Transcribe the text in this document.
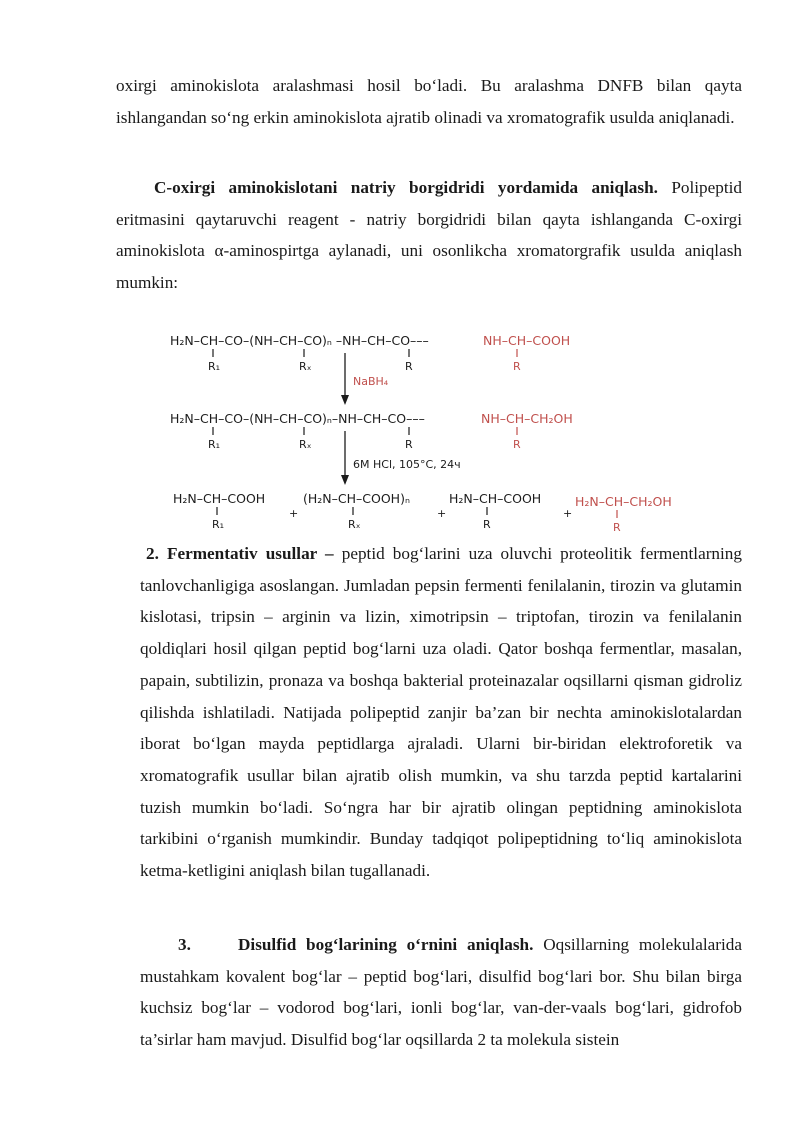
oxirgi aminokislota aralashmasi hosil bo‘ladi. Bu aralashma DNFB bilan qayta ishlangandan so‘ng erkin aminokislota ajratib olinadi va xromatografik usulda aniqlanadi.

C-oxirgi aminokislotani natriy borgidridi yordamida aniqlash. Polipeptid eritmasini qaytaruvchi reagent - natriy borgidridi bilan qayta ishlanganda C-oxirgi aminokislota α-aminospirtga aylanadi, uni osonlikcha xromatorgrafik usulda aniqlash mumkin:

H₂N–CH–CO–(NH–CH–CO)ₙ –NH–CH–CO–––	NH–CH–COOH
R₁	Rₓ	R	R
NaBH₄
H₂N–CH–CO–(NH–CH–CO)ₙ–NH–CH–CO–––	NH–CH–CH₂OH
R₁	Rₓ	R	R
6M HCl, 105°C, 24ч
H₂N–CH–COOH
+
(H₂N–CH–COOH)ₙ
+
H₂N–CH–COOH
+
H₂N–CH–CH₂OH
R₁	Rₓ	R	R

2. Fermentativ usullar – peptid bog‘larini uza oluvchi proteolitik fermentlarning tanlovchanligiga asoslangan. Jumladan pepsin fermenti fenilalanin, tirozin va glutamin kislotasi, tripsin – arginin va lizin, ximotripsin – triptofan, tirozin va fenilalanin qoldiqlari hosil qilgan peptid bog‘larni uza oladi. Qator boshqa fermentlar, masalan, papain, subtilizin, pronaza va boshqa bakterial proteinazalar oqsillarni qisman gidroliz qilishda ishlatiladi. Natijada polipeptid zanjir ba’zan bir nechta aminokislotalardan iborat bo‘lgan mayda peptidlarga ajraladi. Ularni bir-biridan elektroforetik va xromatografik usullar bilan ajratib olish mumkin, va shu tarzda peptid kartalarini tuzish mumkin bo‘ladi. So‘ngra har bir ajratib olingan peptidning aminokislota tarkibini o‘rganish mumkindir. Bunday tadqiqot polipeptidning to‘liq aminokislota ketma-ketligini aniqlash bilan tugallanadi.

3.	Disulfid bog‘larining o‘rnini aniqlash. Oqsillarning molekulalarida mustahkam kovalent bog‘lar – peptid bog‘lari, disulfid bog‘lari bor. Shu bilan birga kuchsiz bog‘lar – vodorod bog‘lari, ionli bog‘lar, van-der-vaals bog‘lari, gidrofob ta’sirlar ham mavjud. Disulfid bog‘lar oqsillarda 2 ta molekula sistein
